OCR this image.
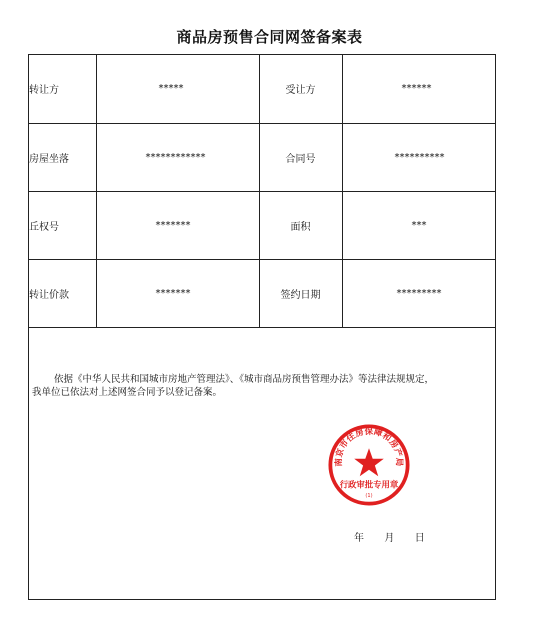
商品房预售合同网签备案表
转让方	*****	受让方	******
房屋坐落	************	合同号	**********
丘权号	*******	面积	***
转让价款	*******	签约日期	*********

依据《中华人民共和国城市房地产管理法》、《城市商品房预售管理办法》等法律法规规定，

我单位已依法对上述网签合同予以登记备案。
南京市住房保障和房产局
行政审批专用章
(1)
年 月 日
